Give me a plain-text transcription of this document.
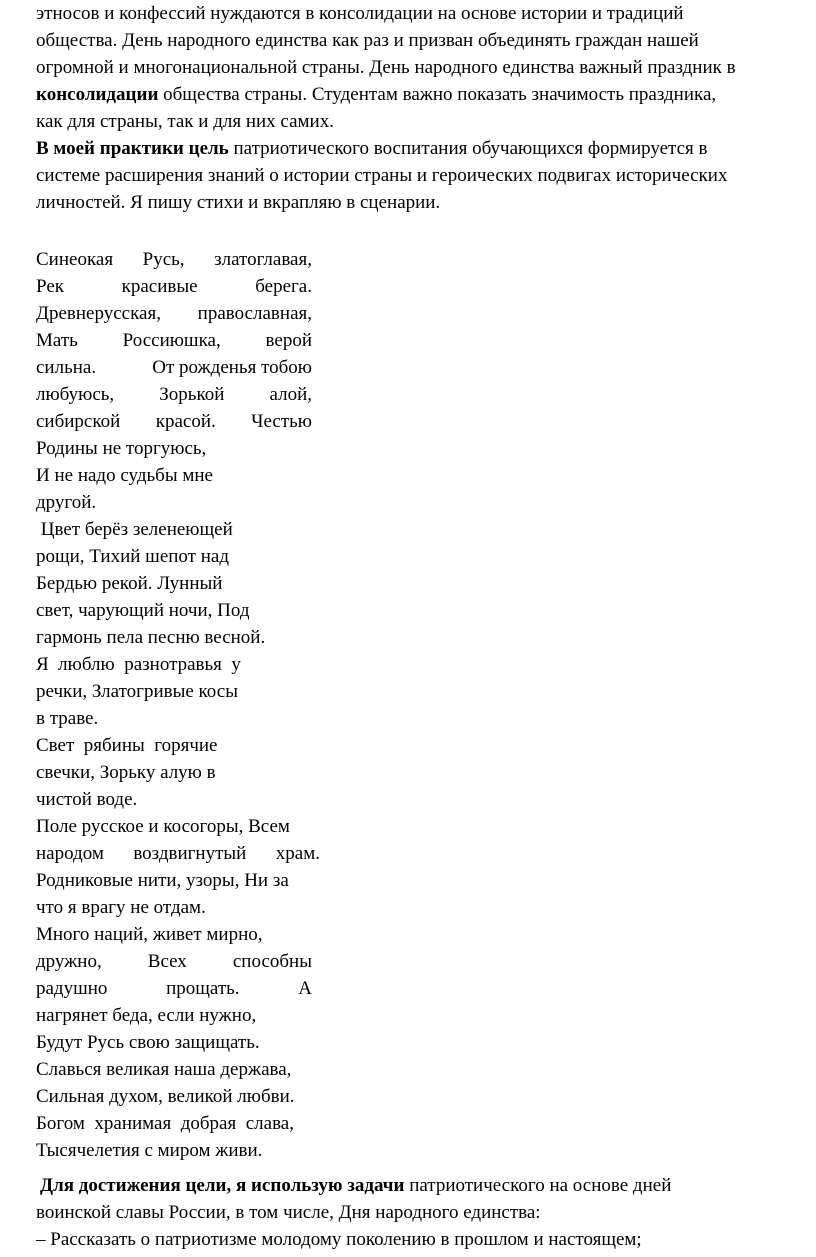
этносов и конфессий нуждаются в консолидации на основе истории и традиций
общества. День народного единства как раз и призван объединять граждан нашей
огромной и многонациональной страны. День народного единства важный праздник в
консолидации общества страны. Студентам важно показать значимость праздника,
как для страны, так и для них самих.
В моей практики цель патриотического воспитания обучающихся формируется в
системе расширения знаний о истории страны и героических подвигах исторических
личностей. Я пишу стихи и вкрапляю в сценарии.
Синеокая Русь, златоглавая,
Рек	красивые	берега.
Древнерусская, православная,
Мать Россиюшка, верой
сильна.	От рожденья тобою
любуюсь, Зорькой алой,
сибирской красой. Честью
Родины не торгуюсь,
И не надо судьбы мне
другой.
Цвет берёз зеленеющей
рощи, Тихий шепот над
Бердью рекой. Лунный
свет, чарующий ночи, Под
гармонь пела песню весной.
Я  люблю  разнотравья  у
речки, Златогривые косы
в траве.
Свет  рябины  горячие
свечки, Зорьку алую в
чистой воде.
Поле русское и косогоры, Всем
народом воздвигнутый храм.
Родниковые нити, узоры, Ни за
что я врагу не отдам.
Много наций, живет мирно,
дружно, Всех способны
радушно	прощать.	А
нагрянет беда, если нужно,
Будут Русь свою защищать.
Славься великая наша держава,
Сильная духом, великой любви.
Богом  хранимая  добрая  слава,
Тысячелетия с миром живи.
Для достижения цели, я использую задачи патриотического на основе дней
воинской славы России, в том числе, Дня народного единства:
– Рассказать о патриотизме молодому поколению в прошлом и настоящем;
